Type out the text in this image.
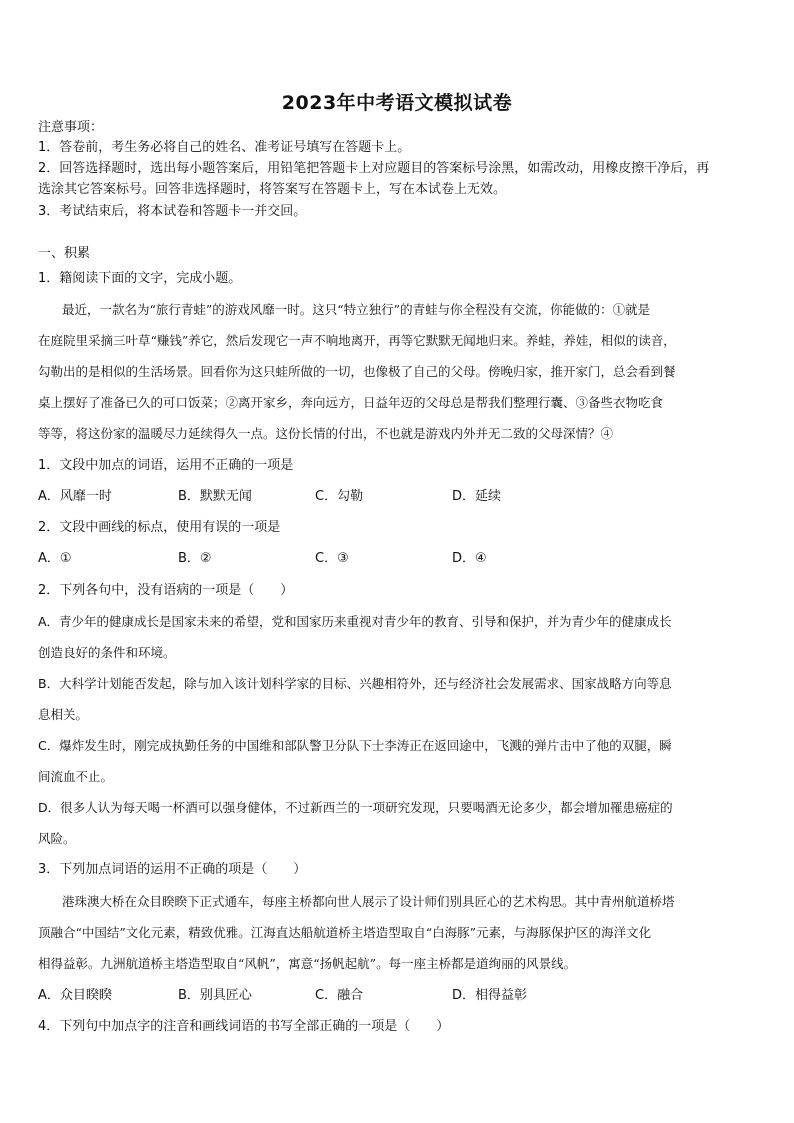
2023年中考语文模拟试卷
注意事项：
1．答卷前，考生务必将自己的姓名、准考证号填写在答题卡上。
2．回答选择题时，选出每小题答案后，用铅笔把答题卡上对应题目的答案标号涂黑，如需改动，用橡皮擦干净后，再
选涂其它答案标号。回答非选择题时，将答案写在答题卡上，写在本试卷上无效。
3．考试结束后，将本试卷和答题卡一并交回。
一、积累
1．籍阅读下面的文字，完成小题。
最近，一款名为“旅行青蛙”的游戏风靡一时。这只“特立独行”的青蛙与你全程没有交流，你能做的：①就是
在庭院里采摘三叶草“赚钱”养它，然后发现它一声不响地离开，再等它默默无闻地归来。养蛙，养娃，相似的读音，
勾勒出的是相似的生活场景。回看你为这只蛙所做的一切，也像极了自己的父母。傍晚归家，推开家门，总会看到餐
桌上摆好了准备已久的可口饭菜；②离开家乡，奔向远方，日益年迈的父母总是帮我们整理行囊、③备些衣物吃食
等等，将这份家的温暖尽力延续得久一点。这份长情的付出，不也就是游戏内外并无二致的父母深情？④
1．文段中加点的词语，运用不正确的一项是
A．风靡一时	B．默默无闻	C．勾勒	D．延续
2．文段中画线的标点，使用有误的一项是
A．①	B．②	C．③	D．④
2．下列各句中，没有语病的一项是（　　）
A．青少年的健康成长是国家未来的希望，党和国家历来重视对青少年的教育、引导和保护，并为青少年的健康成长
创造良好的条件和环境。
B．大科学计划能否发起，除与加入该计划科学家的目标、兴趣相符外，还与经济社会发展需求、国家战略方向等息
息相关。
C．爆炸发生时，刚完成执勤任务的中国维和部队警卫分队下士李涛正在返回途中，飞溅的弹片击中了他的双腿，瞬
间流血不止。
D．很多人认为每天喝一杯酒可以强身健体，不过新西兰的一项研究发现，只要喝酒无论多少，都会增加罹患癌症的
风险。
3．下列加点词语的运用不正确的项是（　　）
港珠澳大桥在众目睽睽下正式通车，每座主桥都向世人展示了设计师们别具匠心的艺术构思。其中青州航道桥塔
顶融合“中国结”文化元素，精致优雅。江海直达船航道桥主塔造型取自“白海豚”元素，与海豚保护区的海洋文化
相得益彰。九洲航道桥主塔造型取自“风帆”，寓意“扬帆起航”。每一座主桥都是道绚丽的风景线。
A．众目睽睽	B．别具匠心	C．融合	D．相得益彰
4．下列句中加点字的注音和画线词语的书写全部正确的一项是（　　）
